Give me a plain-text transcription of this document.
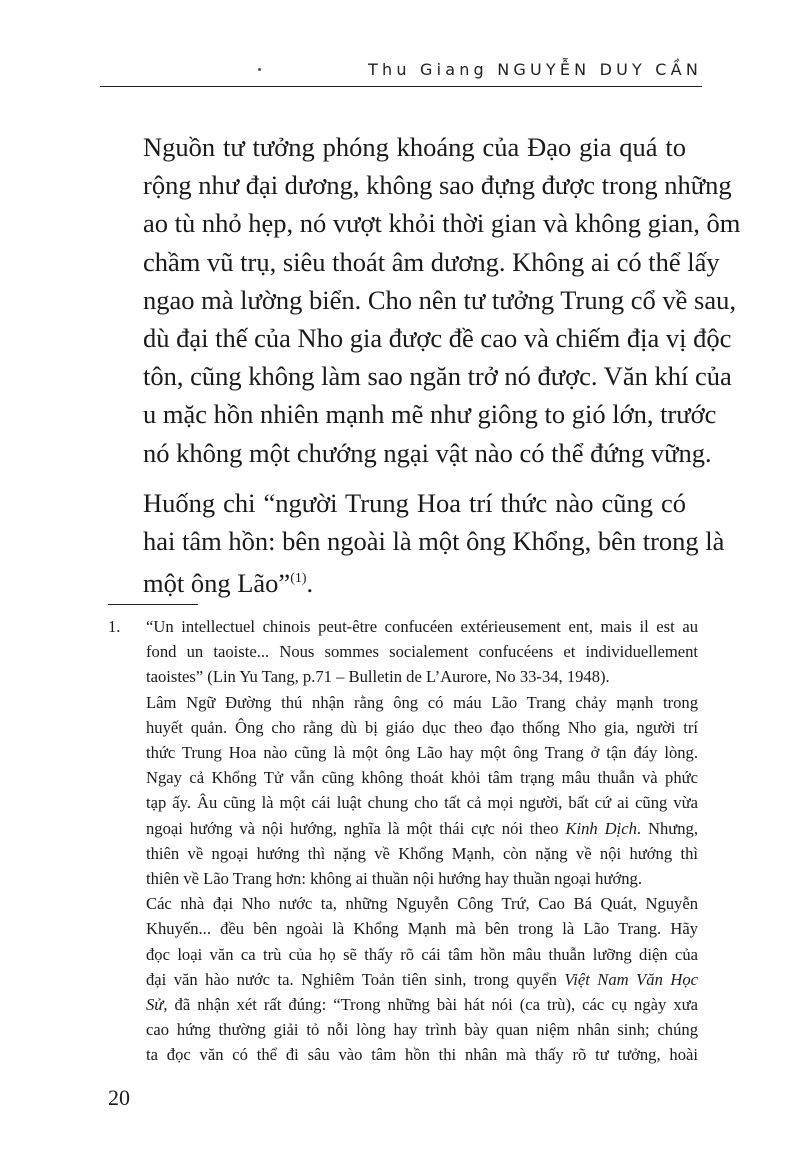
Thu Giang NGUYỄN DUY CẦN

Nguồn tư tưởng phóng khoáng của Đạo gia quá to
rộng như đại dương, không sao đựng được trong những
ao tù nhỏ hẹp, nó vượt khỏi thời gian và không gian, ôm
chầm vũ trụ, siêu thoát âm dương. Không ai có thể lấy
ngao mà lường biển. Cho nên tư tưởng Trung cổ về sau,
dù đại thế của Nho gia được đề cao và chiếm địa vị độc
tôn, cũng không làm sao ngăn trở nó được. Văn khí của
u mặc hồn nhiên mạnh mẽ như giông to gió lớn, trước
nó không một chướng ngại vật nào có thể đứng vững.

Huống chi “người Trung Hoa trí thức nào cũng có
hai tâm hồn: bên ngoài là một ông Khổng, bên trong là
một ông Lão”$^{(1)}$.

1. “Un intellectuel chinois peut-être confucéen extérieusement ent, mais il est au
fond un taoiste... Nous sommes socialement confucéens et individuellement
taoistes” (Lin Yu Tang, p.71 – Bulletin de L’Aurore, No 33-34, 1948).
Lâm Ngữ Đường thú nhận rằng ông có máu Lão Trang chảy mạnh trong
huyết quản. Ông cho rằng dù bị giáo dục theo đạo thống Nho gia, người trí
thức Trung Hoa nào cũng là một ông Lão hay một ông Trang ở tận đáy lòng.
Ngay cả Khổng Tử vẫn cũng không thoát khỏi tâm trạng mâu thuẫn và phức
tạp ấy. Âu cũng là một cái luật chung cho tất cả mọi người, bất cứ ai cũng vừa
ngoại hướng và nội hướng, nghĩa là một thái cực nói theo Kinh Dịch. Nhưng,
thiên về ngoại hướng thì nặng về Khổng Mạnh, còn nặng về nội hướng thì
thiên về Lão Trang hơn: không ai thuần nội hướng hay thuần ngoại hướng.
Các nhà đại Nho nước ta, những Nguyễn Công Trứ, Cao Bá Quát, Nguyễn
Khuyến... đều bên ngoài là Khổng Mạnh mà bên trong là Lão Trang. Hãy
đọc loại văn ca trù của họ sẽ thấy rõ cái tâm hồn mâu thuẫn lưỡng diện của
đại văn hào nước ta. Nghiêm Toản tiên sinh, trong quyển Việt Nam Văn Học
Sử, đã nhận xét rất đúng: “Trong những bài hát nói (ca trù), các cụ ngày xưa
cao hứng thường giải tỏ nỗi lòng hay trình bày quan niệm nhân sinh; chúng
ta đọc văn có thể đi sâu vào tâm hồn thi nhân mà thấy rõ tư tưởng, hoài
20
